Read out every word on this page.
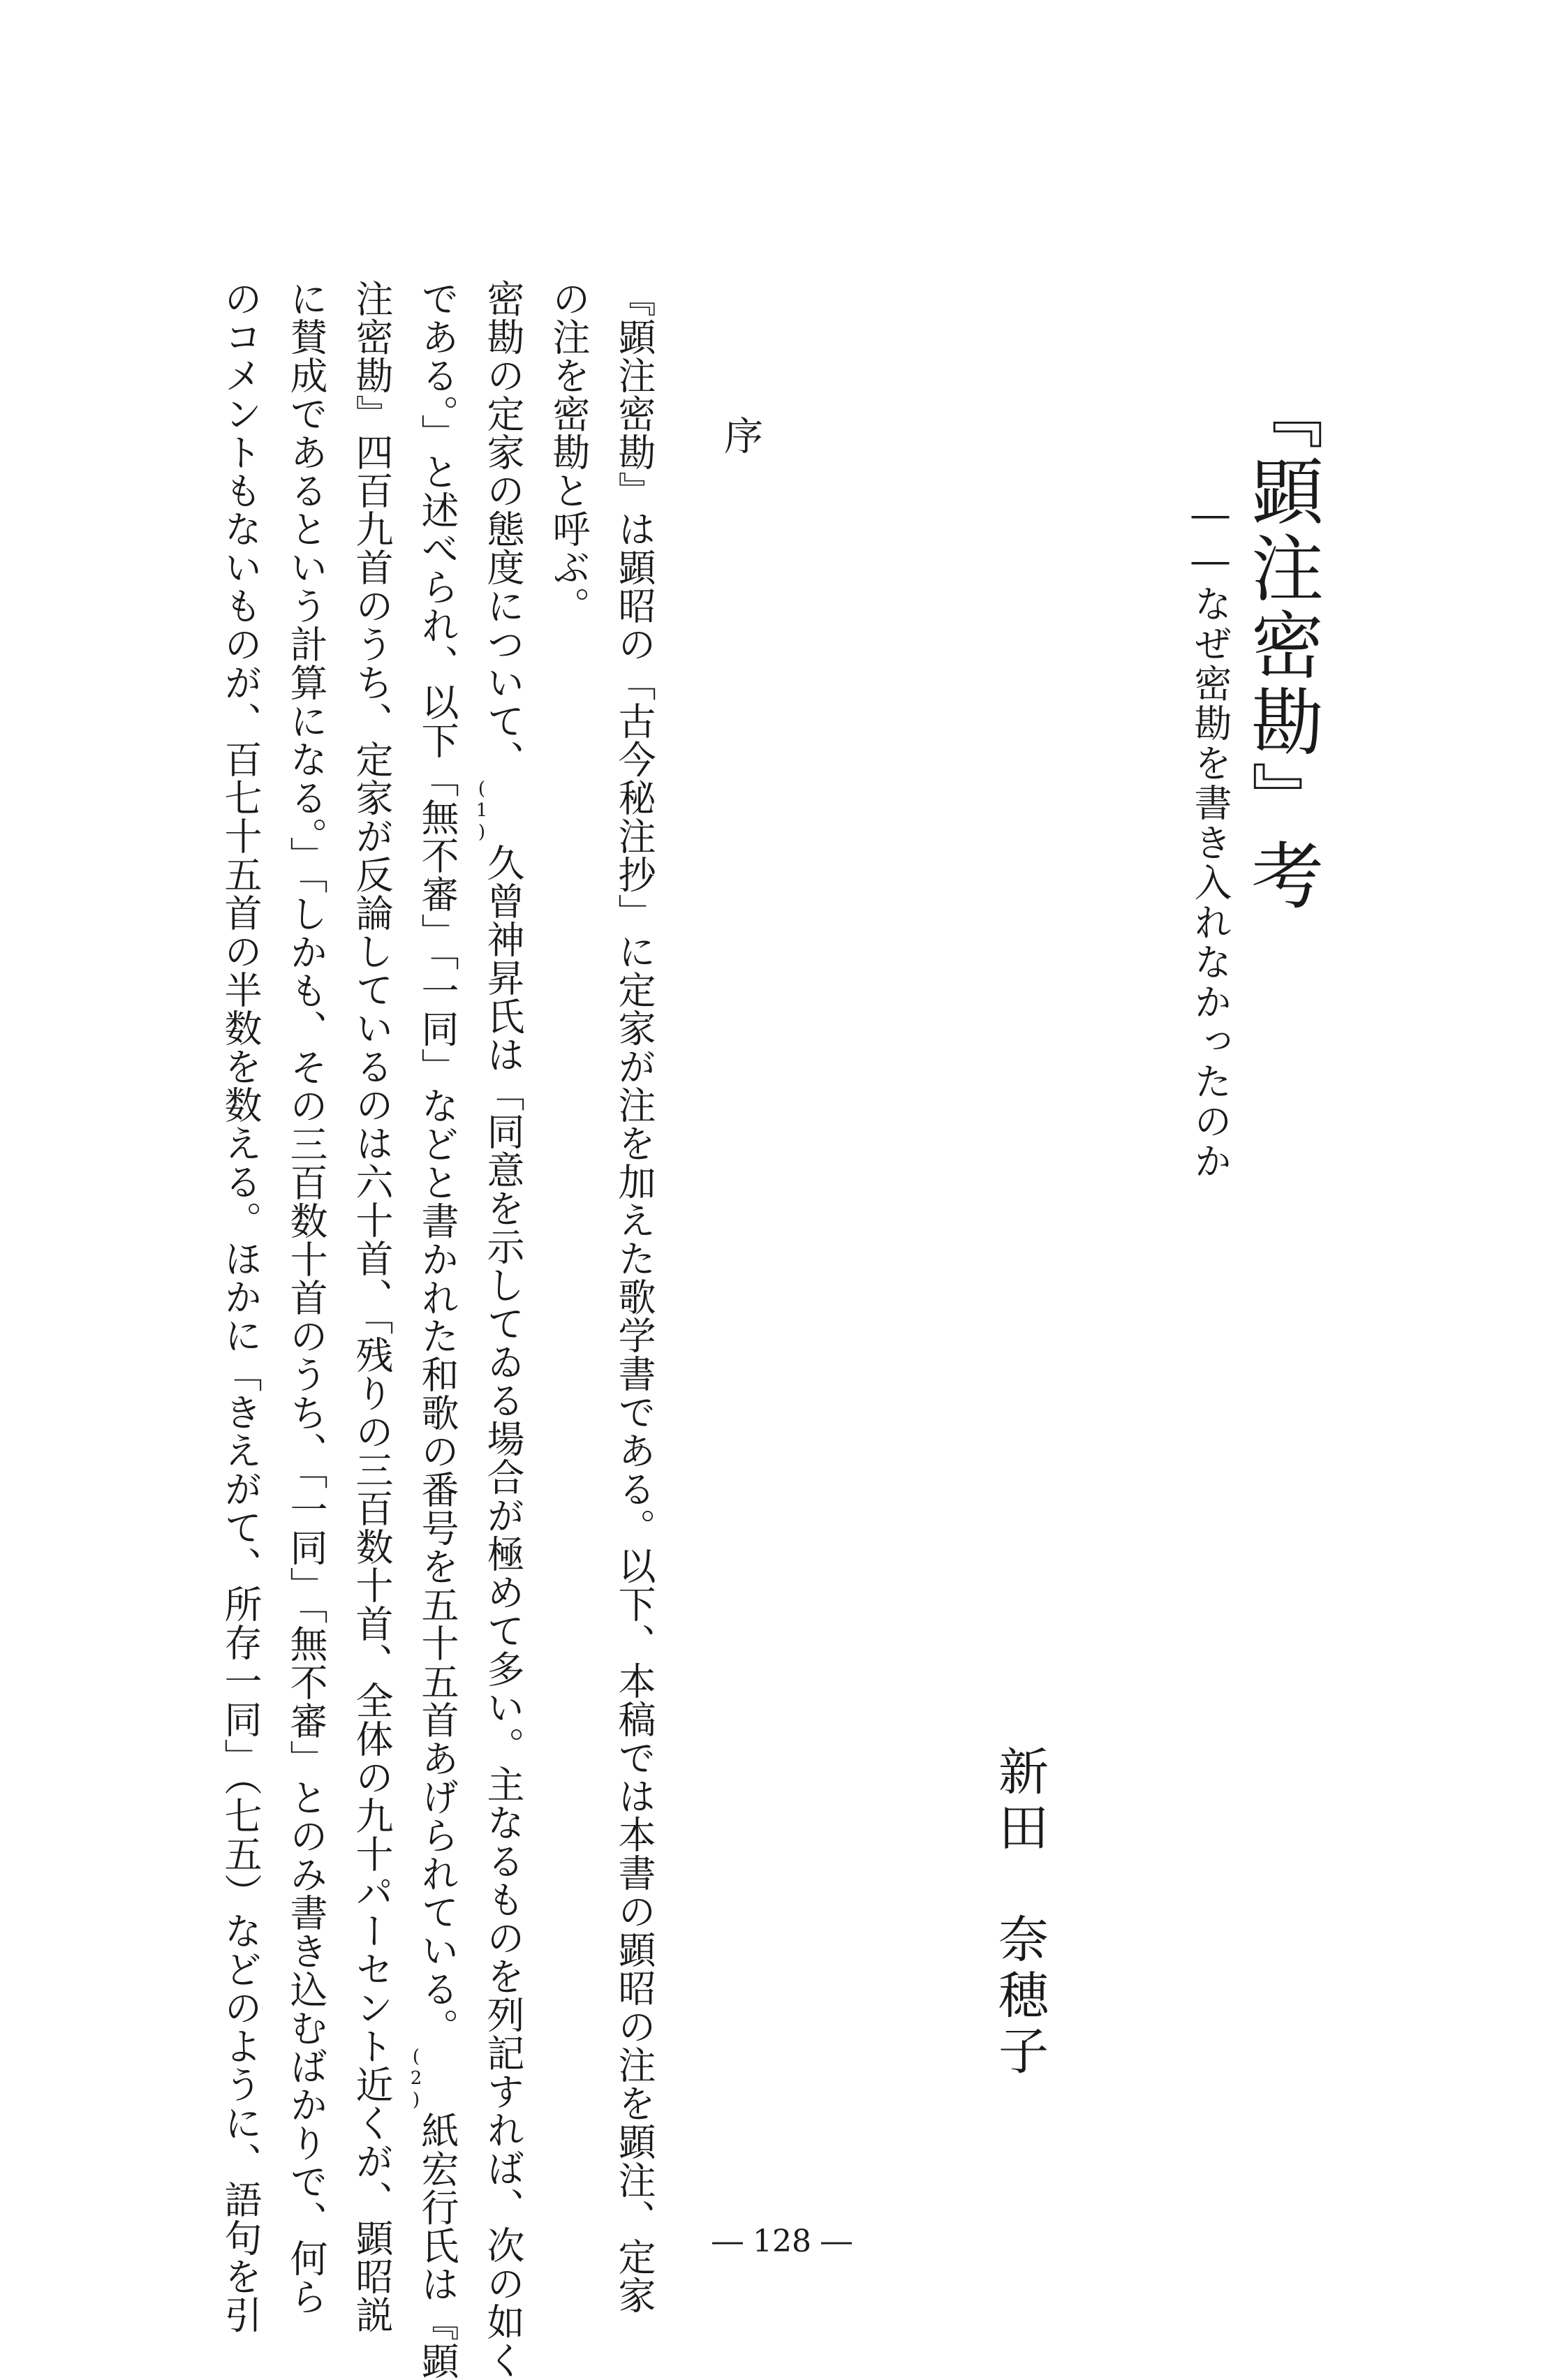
『顕注密勘』考
――なぜ密勘を書き入れなかったのか
新田　奈穂子
序
『顕注密勘』は顕昭の「古今秘注抄」に定家が注を加えた歌学書である。以下、本稿では本書の顕昭の注を顕注、定家
の注を密勘と呼ぶ。
密勘の定家の態度について、(1)久曾神昇氏は「同意を示してゐる場合が極めて多い。主なるものを列記すれば、次の如く
である。」と述べられ、以下「無不審」「一同」などと書かれた和歌の番号を五十五首あげられている。(2)紙宏行氏は『顕
注密勘』四百九首のうち、定家が反論しているのは六十首、「残りの三百数十首、全体の九十パーセント近くが、顕昭説
に賛成であるという計算になる。」「しかも、その三百数十首のうち、「一同」「無不審」とのみ書き込むばかりで、何ら
のコメントもないものが、百七十五首の半数を数える。ほかに「きえがて、所存一同」（七五）などのように、語句を引	― 128 ―
